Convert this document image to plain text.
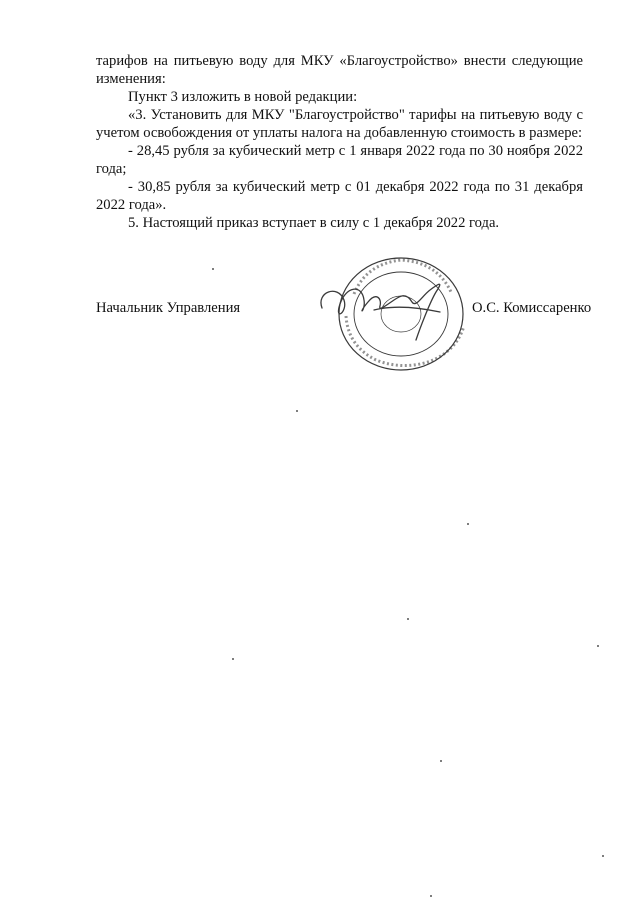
тарифов на питьевую воду для МКУ «Благоустройство» внести следующие изменения:

Пункт 3 изложить в новой редакции:

«3. Установить для МКУ "Благоустройство" тарифы на питьевую воду с учетом освобождения от уплаты налога на добавленную стоимость в размере:

- 28,45 рубля за кубический метр с 1 января 2022 года по 30 ноября 2022 года;

- 30,85 рубля за кубический метр с 01 декабря 2022 года по 31 декабря 2022 года».

5. Настоящий приказ вступает в силу с 1 декабря 2022 года.

Начальник Управления	О.С. Комиссаренко
